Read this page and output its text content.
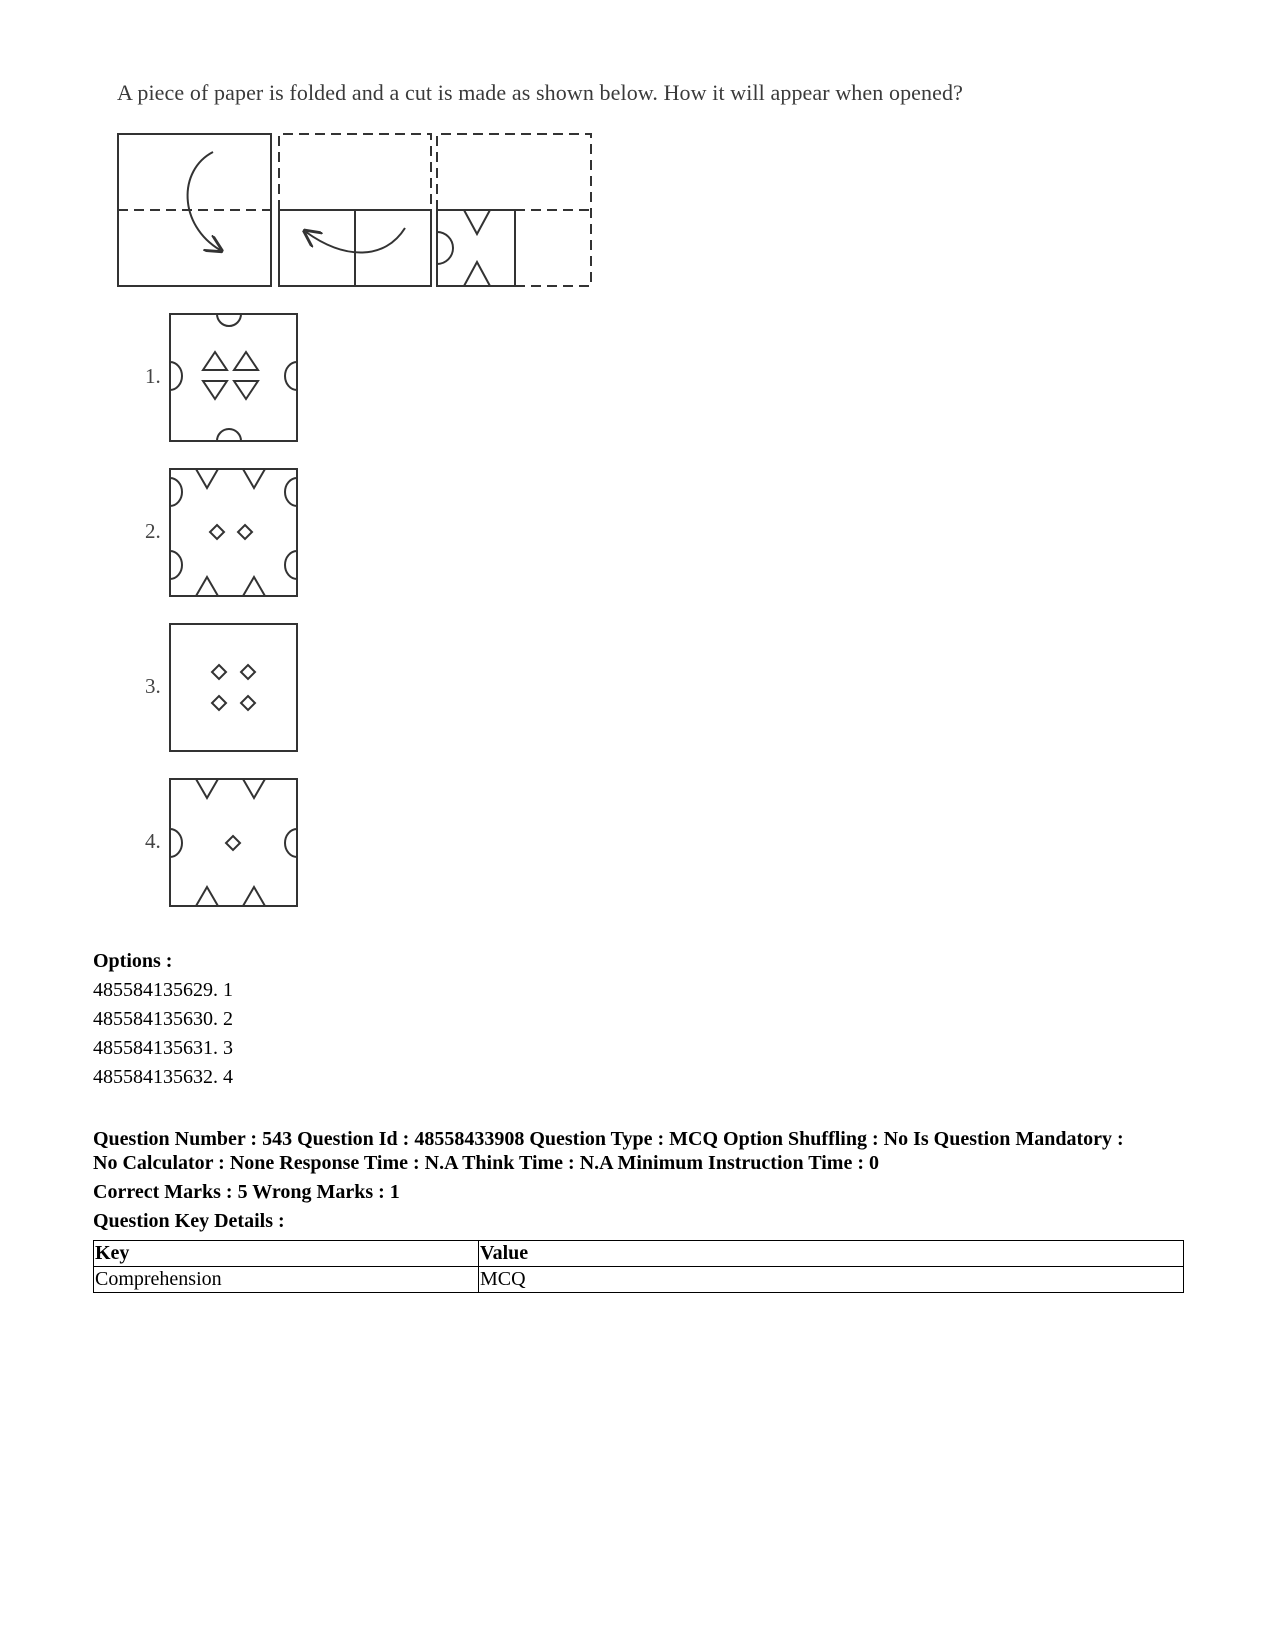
A piece of paper is folded and a cut is made as shown below. How it will appear when opened?
1.
2.
3.
4.
Options :
485584135629. 1
485584135630. 2
485584135631. 3
485584135632. 4

Question Number : 543 Question Id : 48558433908 Question Type : MCQ Option Shuffling : No Is Question Mandatory :

No Calculator : None Response Time : N.A Think Time : N.A Minimum Instruction Time : 0

Correct Marks : 5 Wrong Marks : 1

Question Key Details :

Key	Value
Comprehension	MCQ
